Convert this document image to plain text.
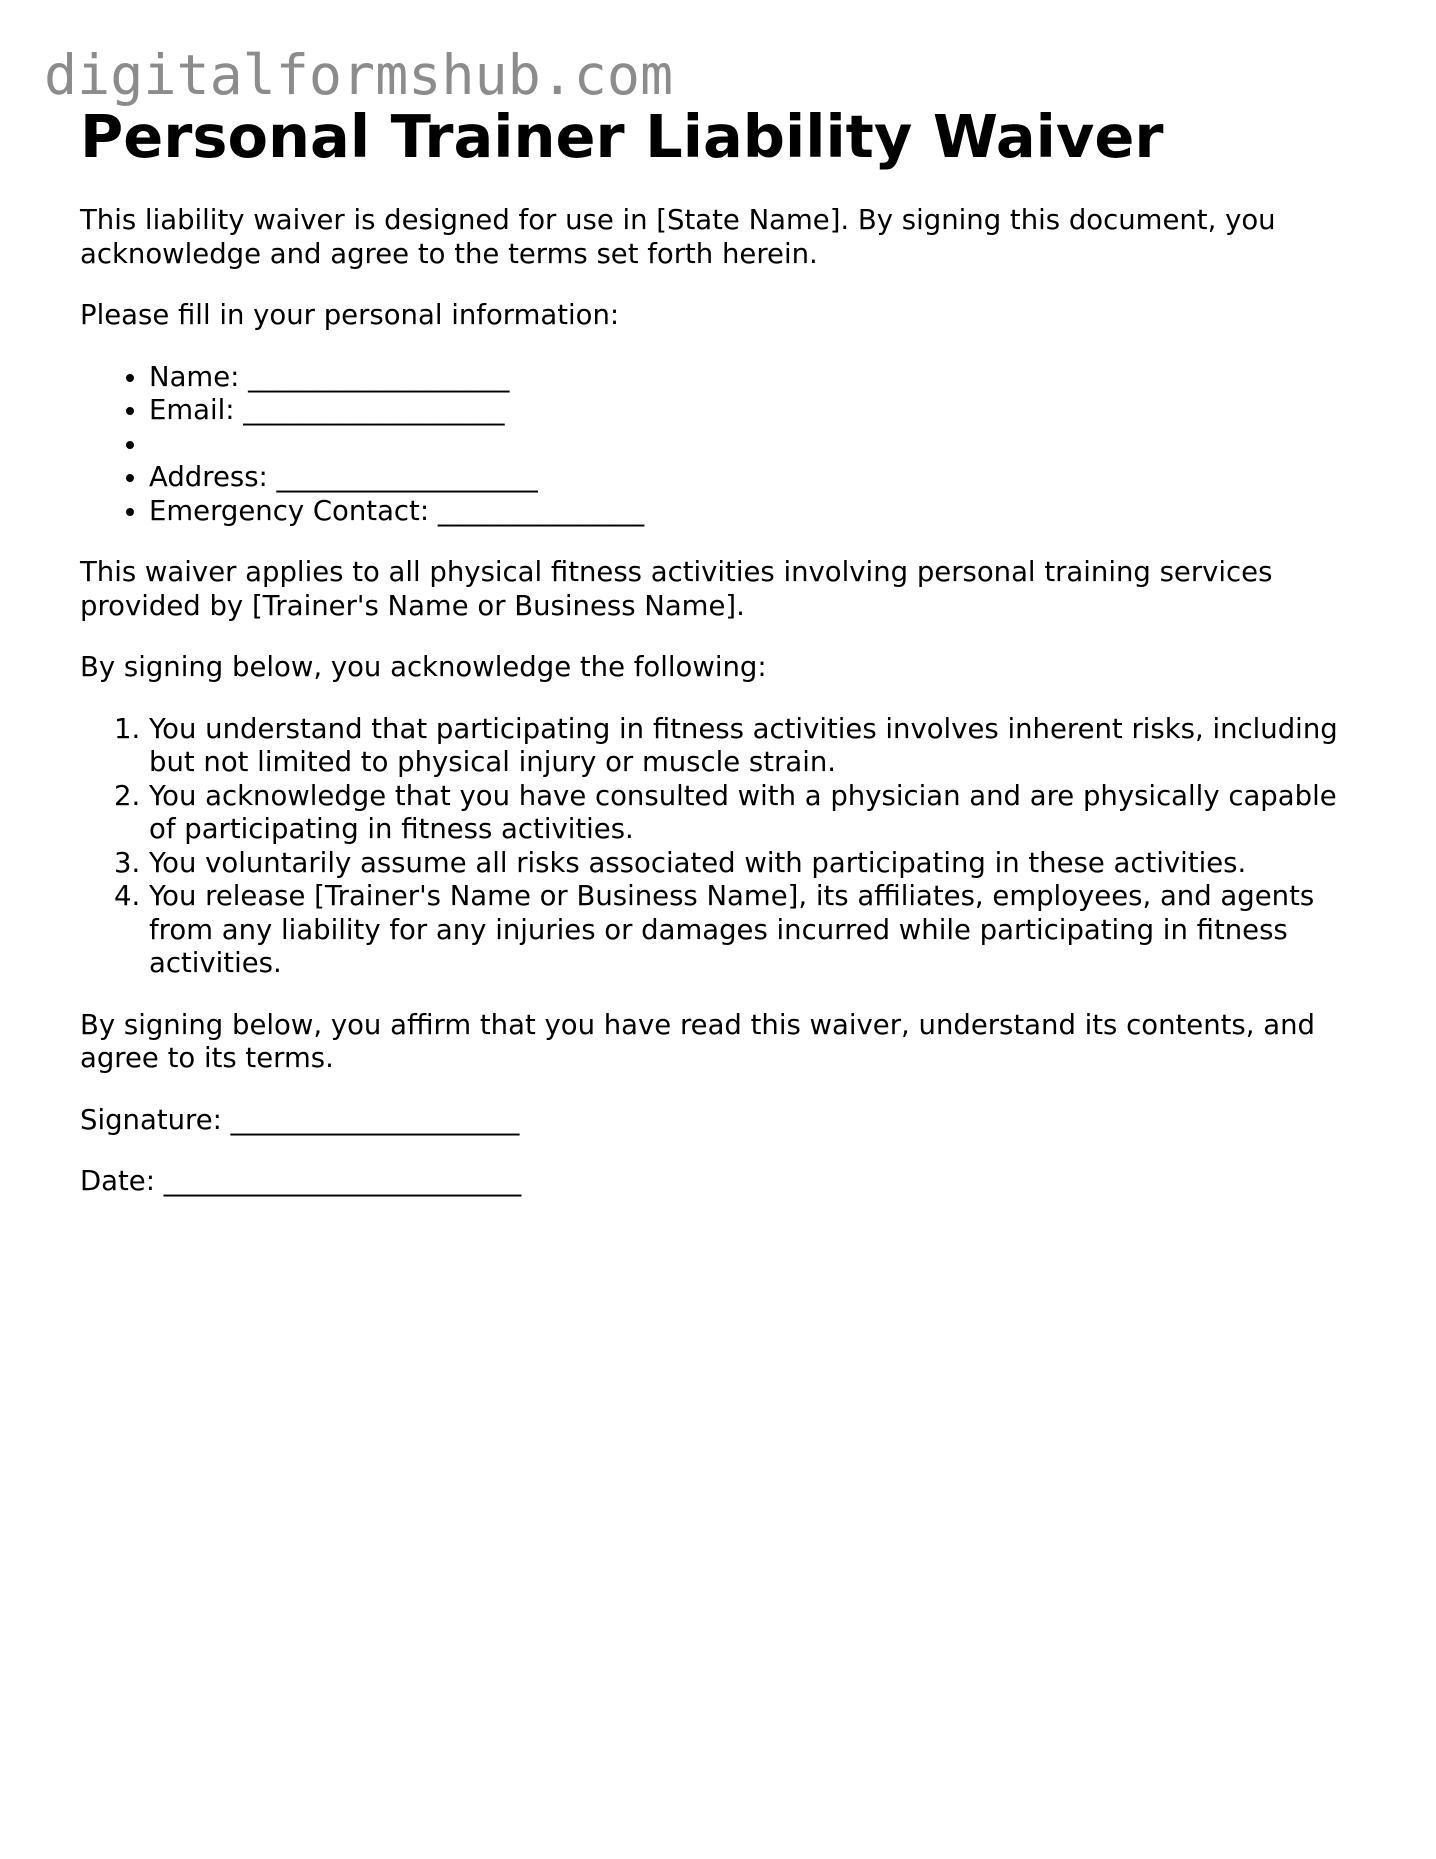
digitalformshub.com
Personal Trainer Liability Waiver

This liability waiver is designed for use in [State Name]. By signing this document, you acknowledge and agree to the terms set forth herein.

Please fill in your personal information:

• Name: ___________________
• Email: ___________________
•
• Address: ___________________
• Emergency Contact: _______________

This waiver applies to all physical fitness activities involving personal training services provided by [Trainer's Name or Business Name].

By signing below, you acknowledge the following:

1. You understand that participating in fitness activities involves inherent risks, including but not limited to physical injury or muscle strain.
2. You acknowledge that you have consulted with a physician and are physically capable of participating in fitness activities.
3. You voluntarily assume all risks associated with participating in these activities.
4. You release [Trainer's Name or Business Name], its affiliates, employees, and agents from any liability for any injuries or damages incurred while participating in fitness activities.

By signing below, you affirm that you have read this waiver, understand its contents, and agree to its terms.

Signature: _____________________

Date: __________________________
